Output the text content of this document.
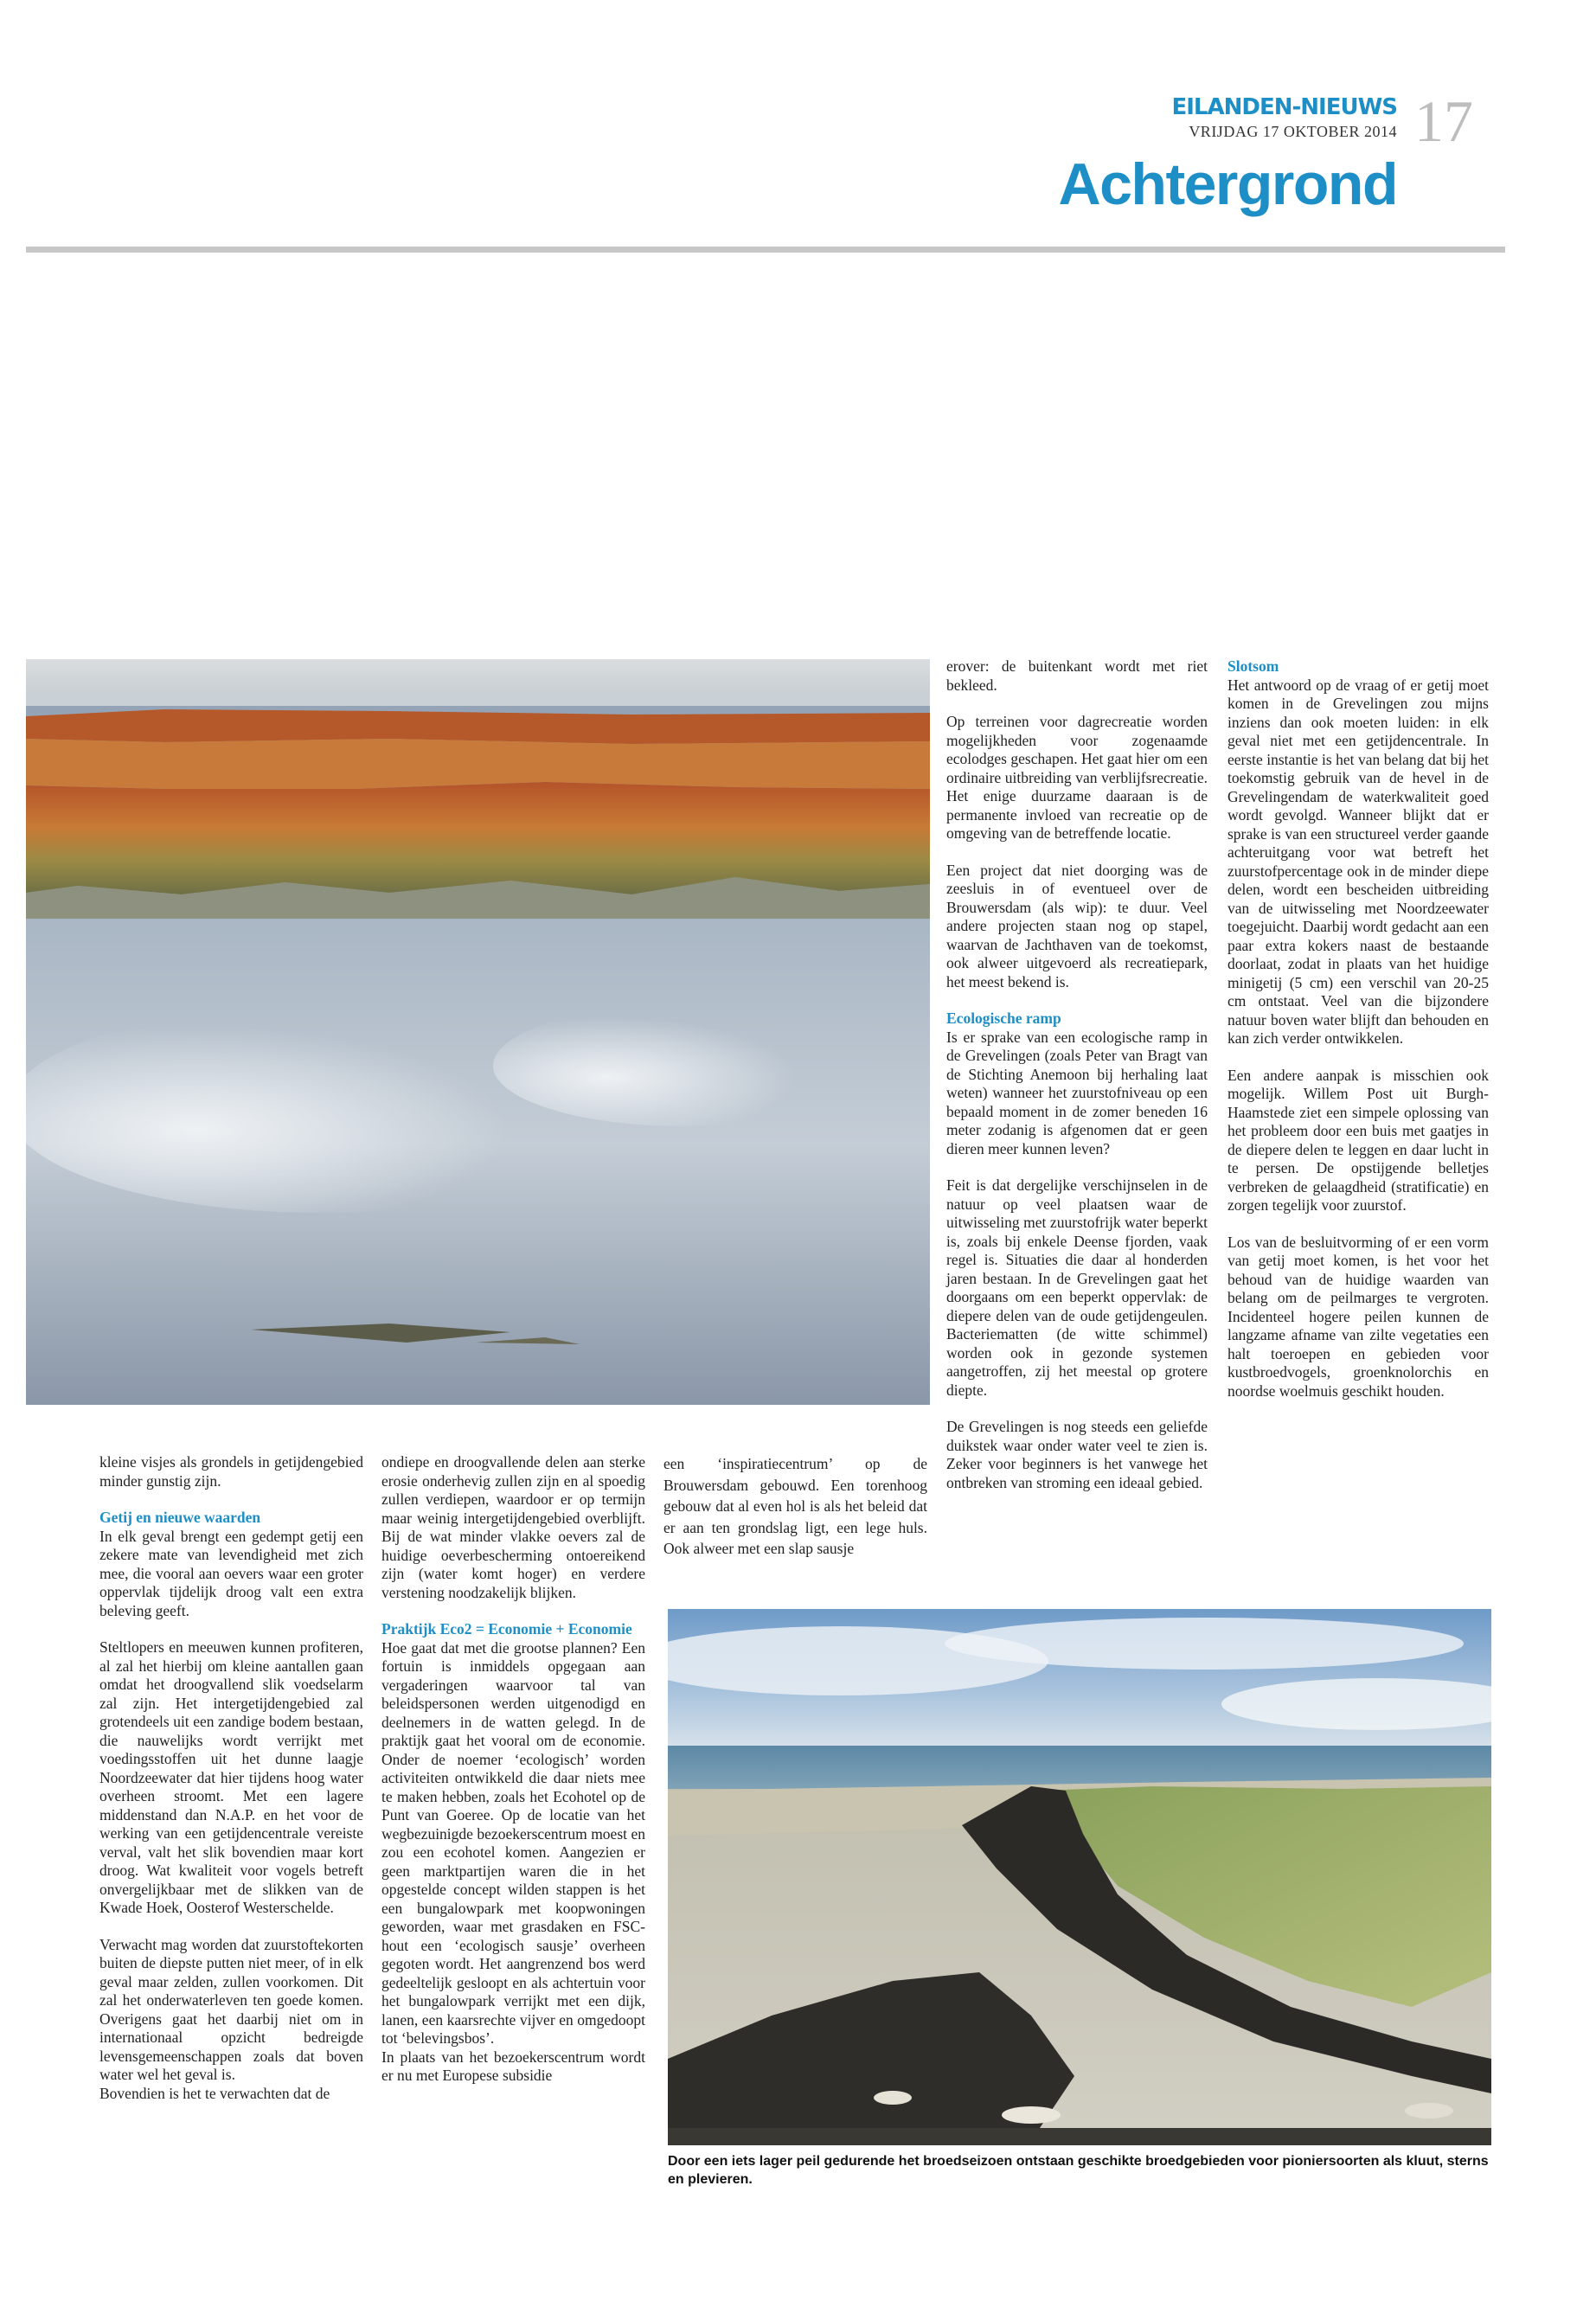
EILANDEN-NIEUWS
VRIJDAG 17 OKTOBER 2014 17
Achtergrond

kleine visjes als grondels in getijdengebied minder gunstig zijn.

Getij en nieuwe waarden

In elk geval brengt een gedempt getij een zekere mate van levendigheid met zich mee, die vooral aan oevers waar een groter oppervlak tijdelijk droog valt een extra beleving geeft.

Steltlopers en meeuwen kunnen profiteren, al zal het hierbij om kleine aantallen gaan omdat het droogvallend slik voedselarm zal zijn. Het intergetijdengebied zal grotendeels uit een zandige bodem bestaan, die nauwelijks wordt verrijkt met voedingsstoffen uit het dunne laagje Noordzeewater dat hier tijdens hoog water overheen stroomt. Met een lagere middenstand dan N.A.P. en het voor de werking van een getijdencentrale vereiste verval, valt het slik bovendien maar kort droog. Wat kwaliteit voor vogels betreft onvergelijkbaar met de slikken van de Kwade Hoek, Oosterof Westerschelde.

Verwacht mag worden dat zuurstoftekorten buiten de diepste putten niet meer, of in elk geval maar zelden, zullen voorkomen. Dit zal het onderwaterleven ten goede komen. Overigens gaat het daarbij niet om in internationaal opzicht bedreigde levensgemeenschappen zoals dat boven water wel het geval is.

Bovendien is het te verwachten dat de

ondiepe en droogvallende delen aan sterke erosie onderhevig zullen zijn en al spoedig zullen verdiepen, waardoor er op termijn maar weinig intergetijdengebied overblijft. Bij de wat minder vlakke oevers zal de huidige oeverbescherming ontoereikend zijn (water komt hoger) en verdere verstening noodzakelijk blijken.

Praktijk Eco2 = Economie + Economie

Hoe gaat dat met die grootse plannen? Een fortuin is inmiddels opgegaan aan vergaderingen waarvoor tal van beleidspersonen werden uitgenodigd en deelnemers in de watten gelegd. In de praktijk gaat het vooral om de economie. Onder de noemer ‘ecologisch’ worden activiteiten ontwikkeld die daar niets mee te maken hebben, zoals het Ecohotel op de Punt van Goeree. Op de locatie van het wegbezuinigde bezoekerscentrum moest en zou een ecohotel komen. Aangezien er geen marktpartijen waren die in het opgestelde concept wilden stappen is het een bungalowpark met koopwoningen geworden, waar met grasdaken en FSC-hout een ‘ecologisch sausje’ overheen gegoten wordt. Het aangrenzend bos werd gedeeltelijk gesloopt en als achtertuin voor het bungalowpark verrijkt met een dijk, lanen, een kaarsrechte vijver en omgedoopt tot ‘belevingsbos’.

In plaats van het bezoekerscentrum wordt er nu met Europese subsidie

een ‘inspiratiecentrum’ op de Brouwersdam gebouwd. Een torenhoog gebouw dat al even hol is als het beleid dat er aan ten grondslag ligt, een lege huls. Ook alweer met een slap sausje

erover: de buitenkant wordt met riet bekleed.

Op terreinen voor dagrecreatie worden mogelijkheden voor zogenaamde ecolodges geschapen. Het gaat hier om een ordinaire uitbreiding van verblijfsrecreatie. Het enige duurzame daaraan is de permanente invloed van recreatie op de omgeving van de betreffende locatie.

Een project dat niet doorging was de zeesluis in of eventueel over de Brouwersdam (als wip): te duur. Veel andere projecten staan nog op stapel, waarvan de Jachthaven van de toekomst, ook alweer uitgevoerd als recreatiepark, het meest bekend is.

Ecologische ramp

Is er sprake van een ecologische ramp in de Grevelingen (zoals Peter van Bragt van de Stichting Anemoon bij herhaling laat weten) wanneer het zuurstofniveau op een bepaald moment in de zomer beneden 16 meter zodanig is afgenomen dat er geen dieren meer kunnen leven?

Feit is dat dergelijke verschijnselen in de natuur op veel plaatsen waar de uitwisseling met zuurstofrijk water beperkt is, zoals bij enkele Deense fjorden, vaak regel is. Situaties die daar al honderden jaren bestaan. In de Grevelingen gaat het doorgaans om een beperkt oppervlak: de diepere delen van de oude getijdengeulen. Bacteriematten (de witte schimmel) worden ook in gezonde systemen aangetroffen, zij het meestal op grotere diepte.

De Grevelingen is nog steeds een geliefde duikstek waar onder water veel te zien is. Zeker voor beginners is het vanwege het ontbreken van stroming een ideaal gebied.

Slotsom

Het antwoord op de vraag of er getij moet komen in de Grevelingen zou mijns inziens dan ook moeten luiden: in elk geval niet met een getijdencentrale. In eerste instantie is het van belang dat bij het toekomstig gebruik van de hevel in de Grevelingendam de waterkwaliteit goed wordt gevolgd. Wanneer blijkt dat er sprake is van een structureel verder gaande achteruitgang voor wat betreft het zuurstofpercentage ook in de minder diepe delen, wordt een bescheiden uitbreiding van de uitwisseling met Noordzeewater toegejuicht. Daarbij wordt gedacht aan een paar extra kokers naast de bestaande doorlaat, zodat in plaats van het huidige minigetij (5 cm) een verschil van 20-25 cm ontstaat. Veel van die bijzondere natuur boven water blijft dan behouden en kan zich verder ontwikkelen.

Een andere aanpak is misschien ook mogelijk. Willem Post uit Burgh-Haamstede ziet een simpele oplossing van het probleem door een buis met gaatjes in de diepere delen te leggen en daar lucht in te persen. De opstijgende belletjes verbreken de gelaagdheid (stratificatie) en zorgen tegelijk voor zuurstof.

Los van de besluitvorming of er een vorm van getij moet komen, is het voor het behoud van de huidige waarden van belang om de peilmarges te vergroten. Incidenteel hogere peilen kunnen de langzame afname van zilte vegetaties een halt toeroepen en gebieden voor kustbroedvogels, groenknolorchis en noordse woelmuis geschikt houden.

Door een iets lager peil gedurende het broedseizoen ontstaan geschikte broedgebieden voor pioniersoorten als kluut, sterns en plevieren.
